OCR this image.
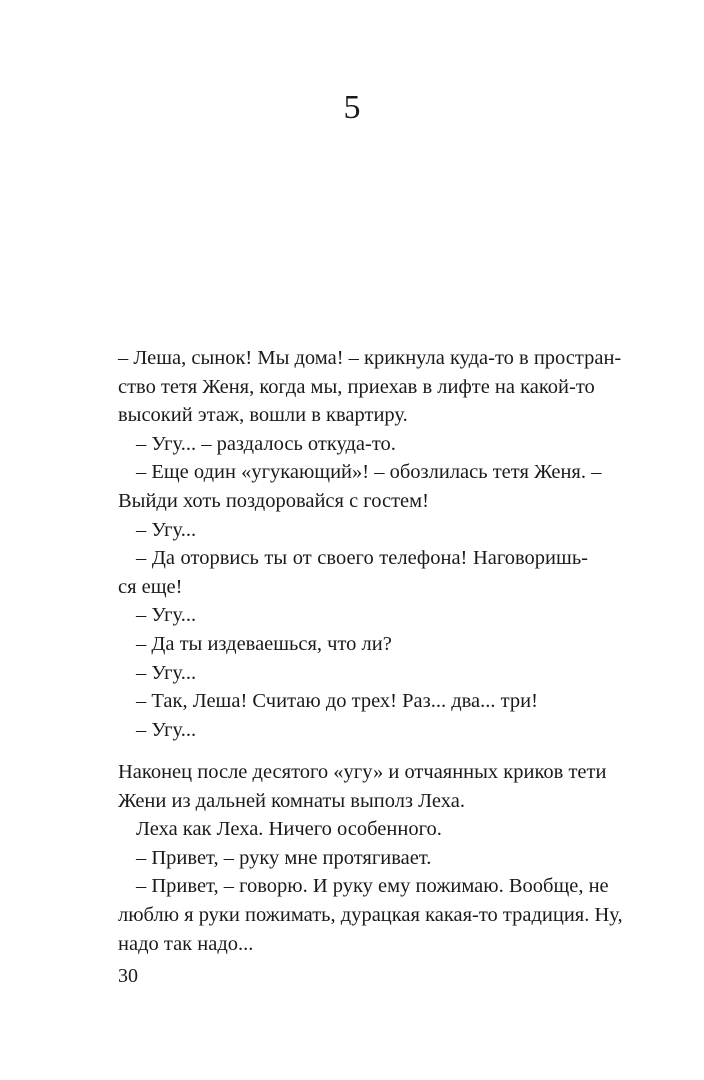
5
– Леша, сынок! Мы дома! – крикнула куда-то в простран-
ство тетя Женя, когда мы, приехав в лифте на какой-то
высокий этаж, вошли в квартиру.
– Угу... – раздалось откуда-то.
– Еще один «угукающий»! – обозлилась тетя Женя. –
Выйди хоть поздоровайся с гостем!
– Угу...
– Да оторвись ты от своего телефона! Наговоришь-
ся еще!
– Угу...
– Да ты издеваешься, что ли?
– Угу...
– Так, Леша! Считаю до трех! Раз... два... три!
– Угу...
Наконец после десятого «угу» и отчаянных криков тети
Жени из дальней комнаты выполз Леха.
Леха как Леха. Ничего особенного.
– Привет, – руку мне протягивает.
– Привет, – говорю. И руку ему пожимаю. Вообще, не
люблю я руки пожимать, дурацкая какая-то традиция. Ну,
надо так надо...
30
